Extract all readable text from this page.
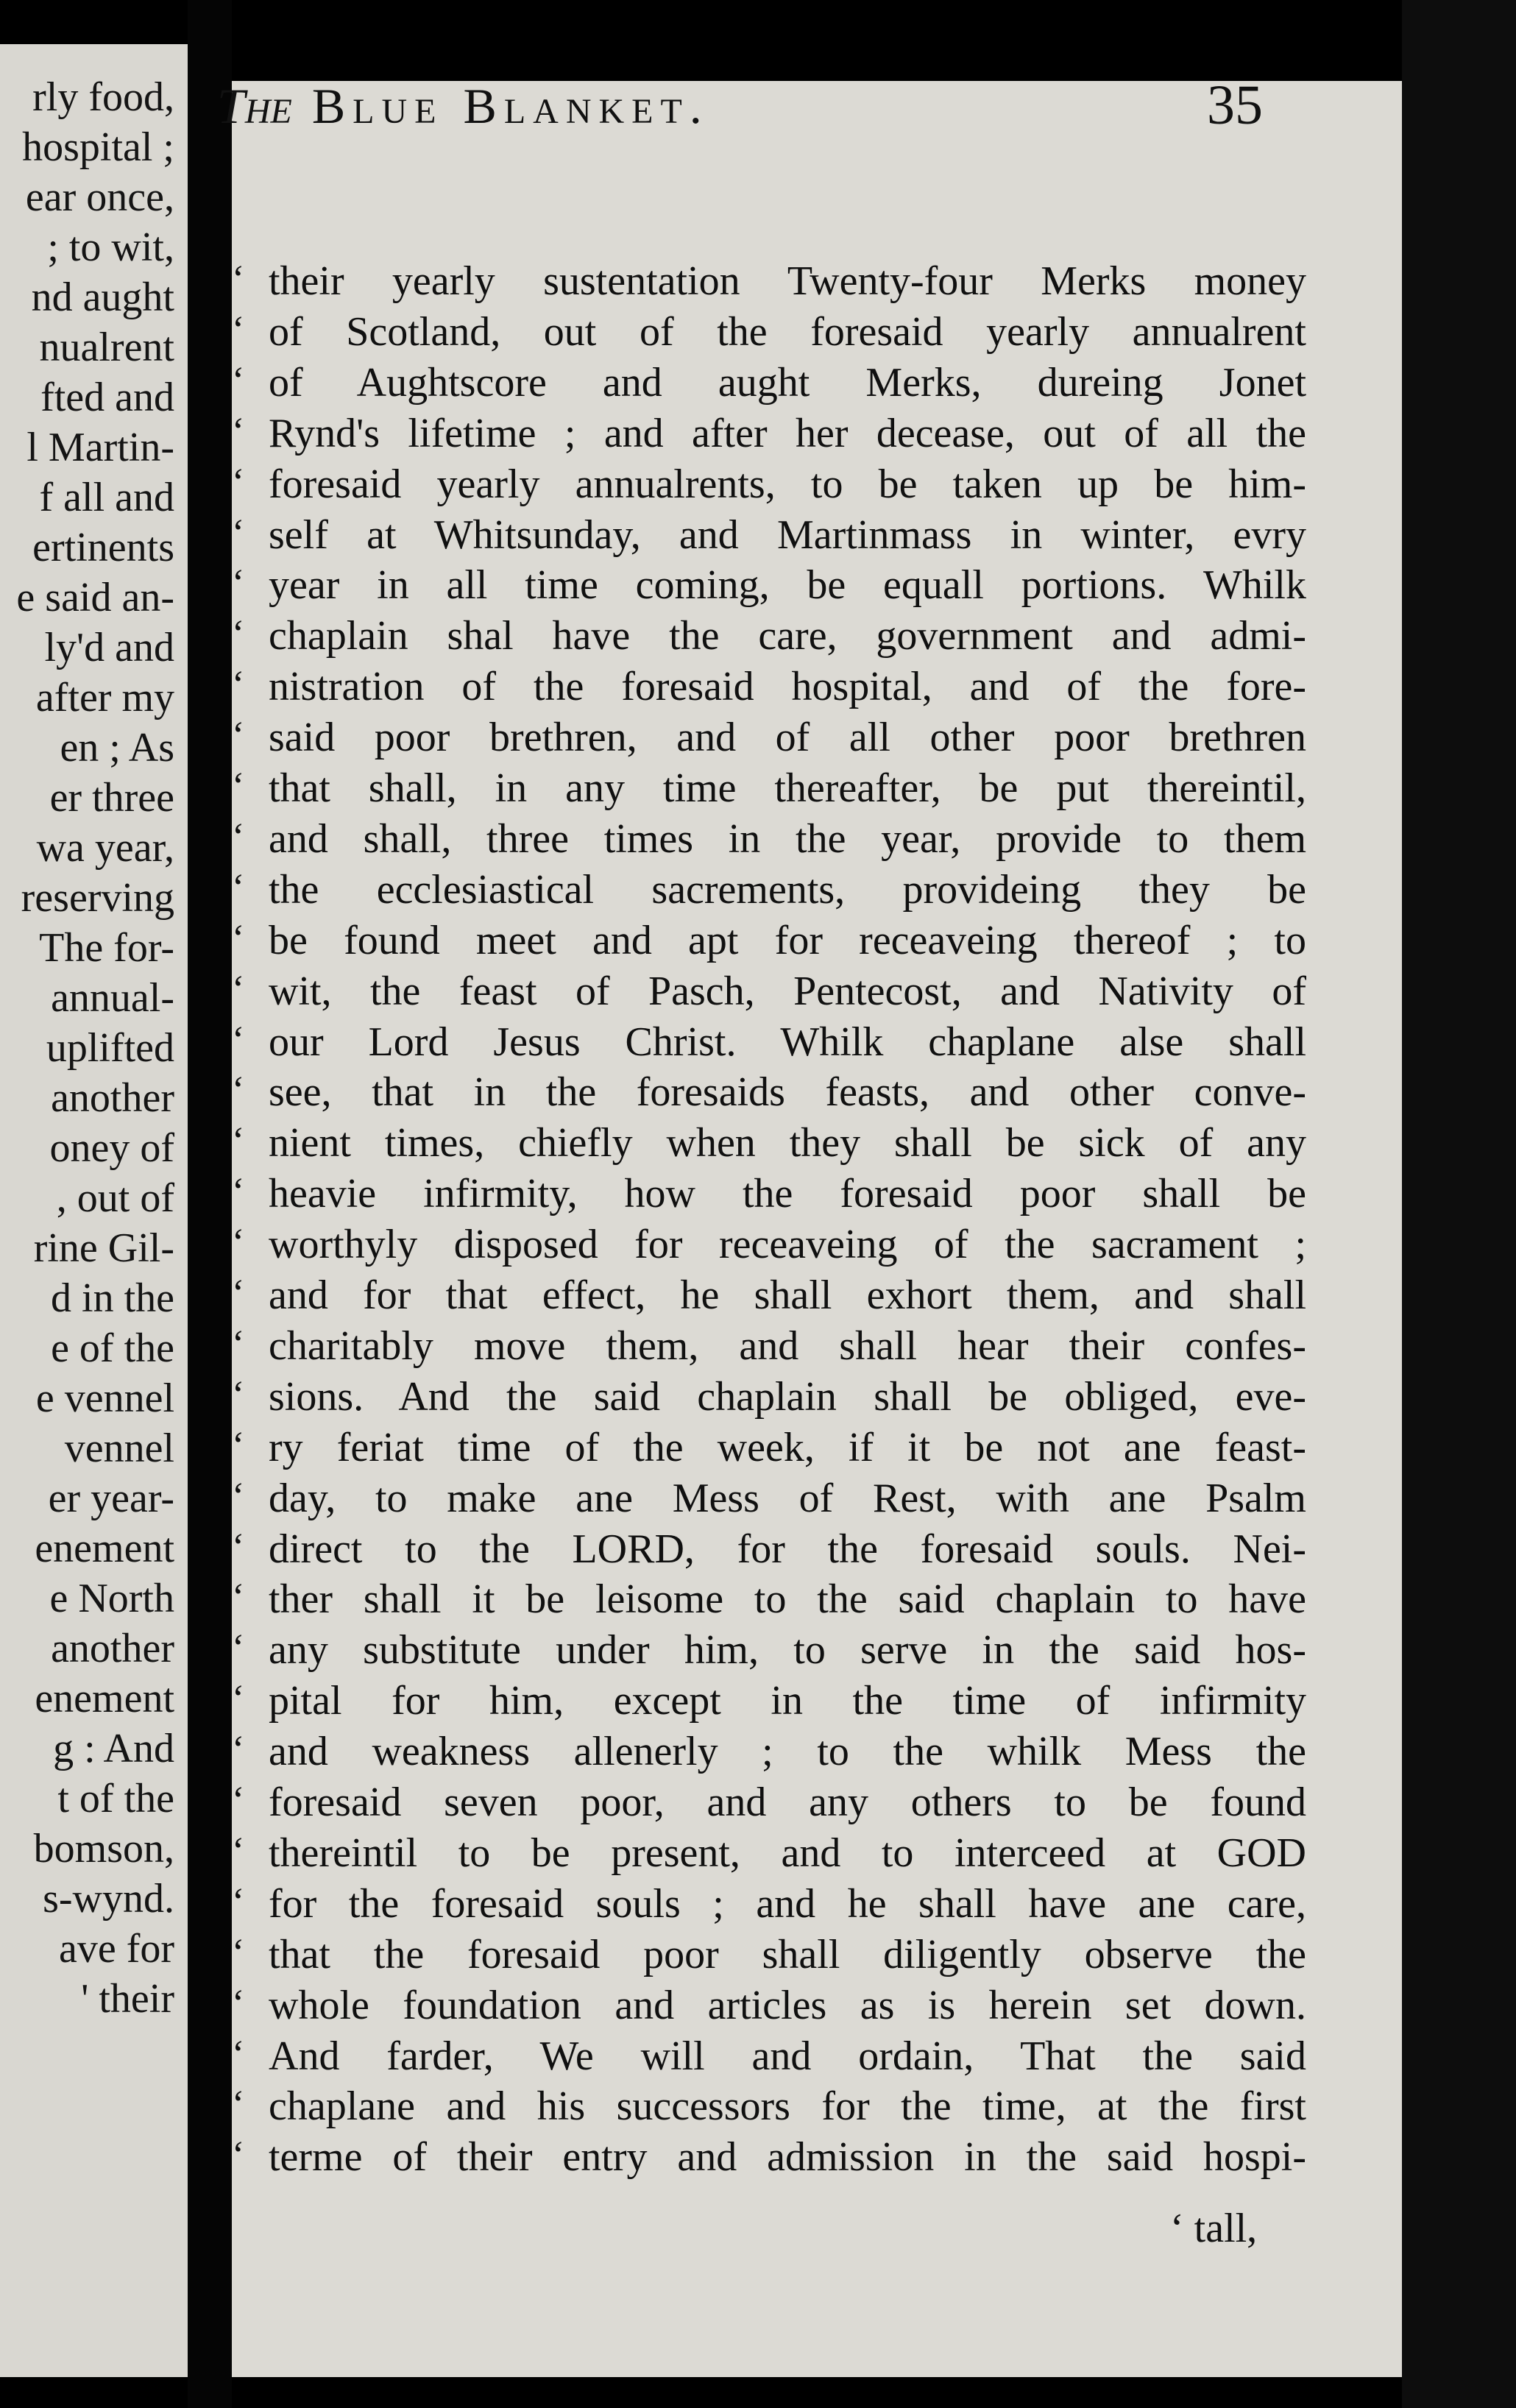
rly food,
hospital ;
ear once,
; to wit,
nd aught
nualrent
fted and
l Martin-
f all and
ertinents
e said an-
ly'd and
after my
en ; As
er three
wa year,
reserving
The for-
annual-
uplifted
another
oney of
, out of
rine Gil-
d in the
e of the
e vennel
vennel
er year-
enement
e North
another
enement
g : And
t of the
bomson,
s-wynd.
ave for
' their
The Blue Blanket.	35
‘ their yearly sustentation Twenty-four Merks money
‘ of Scotland, out of the foresaid yearly annualrent
‘ of Aughtscore and aught Merks, dureing Jonet
‘ Rynd's lifetime ; and after her decease, out of all the
‘ foresaid yearly annualrents, to be taken up be him-
‘ self at Whitsunday, and Martinmass in winter, evry
‘ year in all time coming, be equall portions. Whilk
‘ chaplain shal have the care, government and admi-
‘ nistration of the foresaid hospital, and of the fore-
‘ said poor brethren, and of all other poor brethren
‘ that shall, in any time thereafter, be put thereintil,
‘ and shall, three times in the year, provide to them
‘ the ecclesiastical sacrements, provideing they be
‘ be found meet and apt for receaveing thereof ; to
‘ wit, the feast of Pasch, Pentecost, and Nativity of
‘ our Lord Jesus Christ. Whilk chaplane alse shall
‘ see, that in the foresaids feasts, and other conve-
‘ nient times, chiefly when they shall be sick of any
‘ heavie infirmity, how the foresaid poor shall be
‘ worthyly disposed for receaveing of the sacrament ;
‘ and for that effect, he shall exhort them, and shall
‘ charitably move them, and shall hear their confes-
‘ sions. And the said chaplain shall be obliged, eve-
‘ ry feriat time of the week, if it be not ane feast-
‘ day, to make ane Mess of Rest, with ane Psalm
‘ direct to the LORD, for the foresaid souls. Nei-
‘ ther shall it be leisome to the said chaplain to have
‘ any substitute under him, to serve in the said hos-
‘ pital for him, except in the time of infirmity
‘ and weakness allenerly ; to the whilk Mess the
‘ foresaid seven poor, and any others to be found
‘ thereintil to be present, and to interceed at GOD
‘ for the foresaid souls ; and he shall have ane care,
‘ that the foresaid poor shall diligently observe the
‘ whole foundation and articles as is herein set down.
‘ And farder, We will and ordain, That the said
‘ chaplane and his successors for the time, at the first
‘ terme of their entry and admission in the said hospi-
‘ tall,
